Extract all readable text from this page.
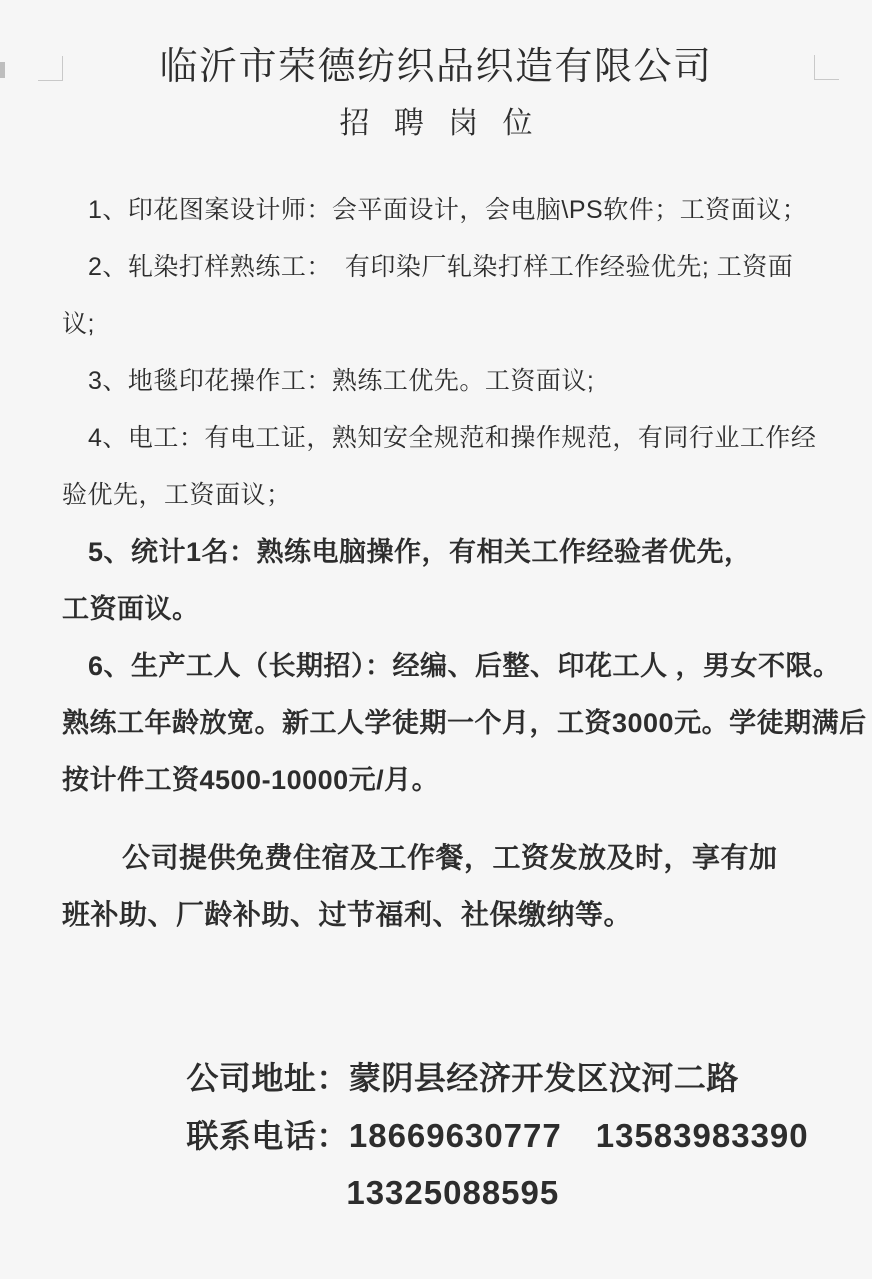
临沂市荣德纺织品织造有限公司
招 聘 岗 位
1、印花图案设计师：会平面设计，会电脑\PS软件；工资面议；
2、轧染打样熟练工：　有印染厂轧染打样工作经验优先; 工资面
议;
3、地毯印花操作工：熟练工优先。工资面议;
4、电工：有电工证，熟知安全规范和操作规范，有同行业工作经
验优先，工资面议；
5、统计1名：熟练电脑操作，有相关工作经验者优先，
工资面议。
6、生产工人（长期招）：经编、后整、印花工人 ，男女不限。
熟练工年龄放宽。新工人学徒期一个月，工资3000元。学徒期满后
按计件工资4500-10000元/月。
公司提供免费住宿及工作餐，工资发放及时，享有加
班补助、厂龄补助、过节福利、社保缴纳等。

公司地址：蒙阴县经济开发区汶河二路

联系电话：18669630777 13583983390

13325088595
